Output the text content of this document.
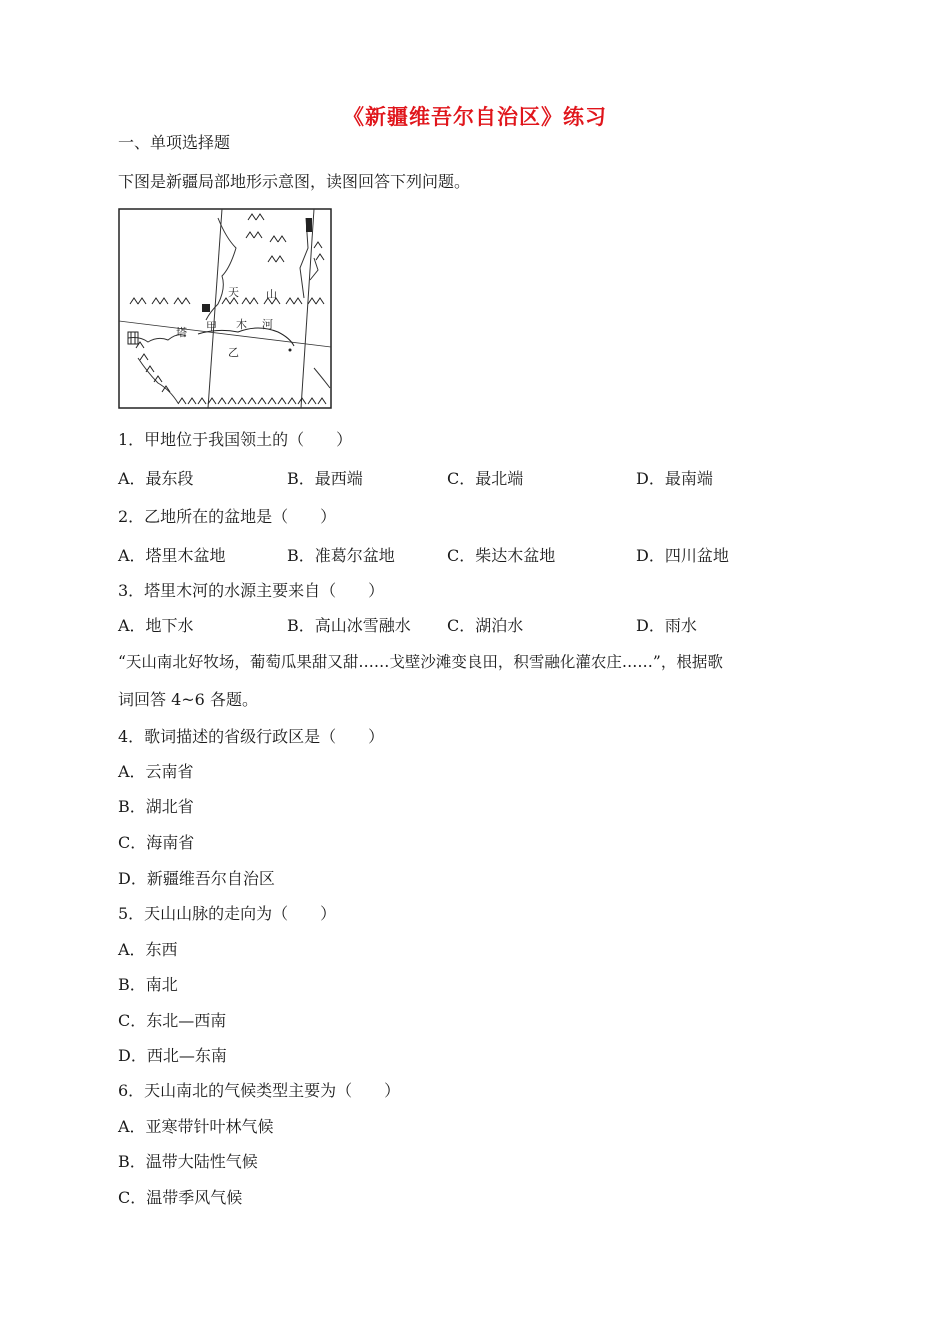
《新疆维吾尔自治区》练习
一、单项选择题
下图是新疆局部地形示意图，读图回答下列问题。
天 山
甲 木 河
塔
乙
1．甲地位于我国领土的（　　）
A．最东段	B．最西端	C．最北端	D．最南端
2．乙地所在的盆地是（　　）
A．塔里木盆地	B．准葛尔盆地	C．柴达木盆地	D．四川盆地
3．塔里木河的水源主要来自（　　）
A．地下水	B．高山冰雪融水 C．湖泊水	D．雨水
“天山南北好牧场，葡萄瓜果甜又甜……戈壁沙滩变良田，积雪融化灌农庄……”，根据歌
词回答 4~6 各题。
4．歌词描述的省级行政区是（　　）
A．云南省
B．湖北省
C．海南省
D．新疆维吾尔自治区
5．天山山脉的走向为（　　）
A．东西
B．南北
C．东北—西南
D．西北—东南
6．天山南北的气候类型主要为（　　）
A．亚寒带针叶林气候
B．温带大陆性气候
C．温带季风气候
